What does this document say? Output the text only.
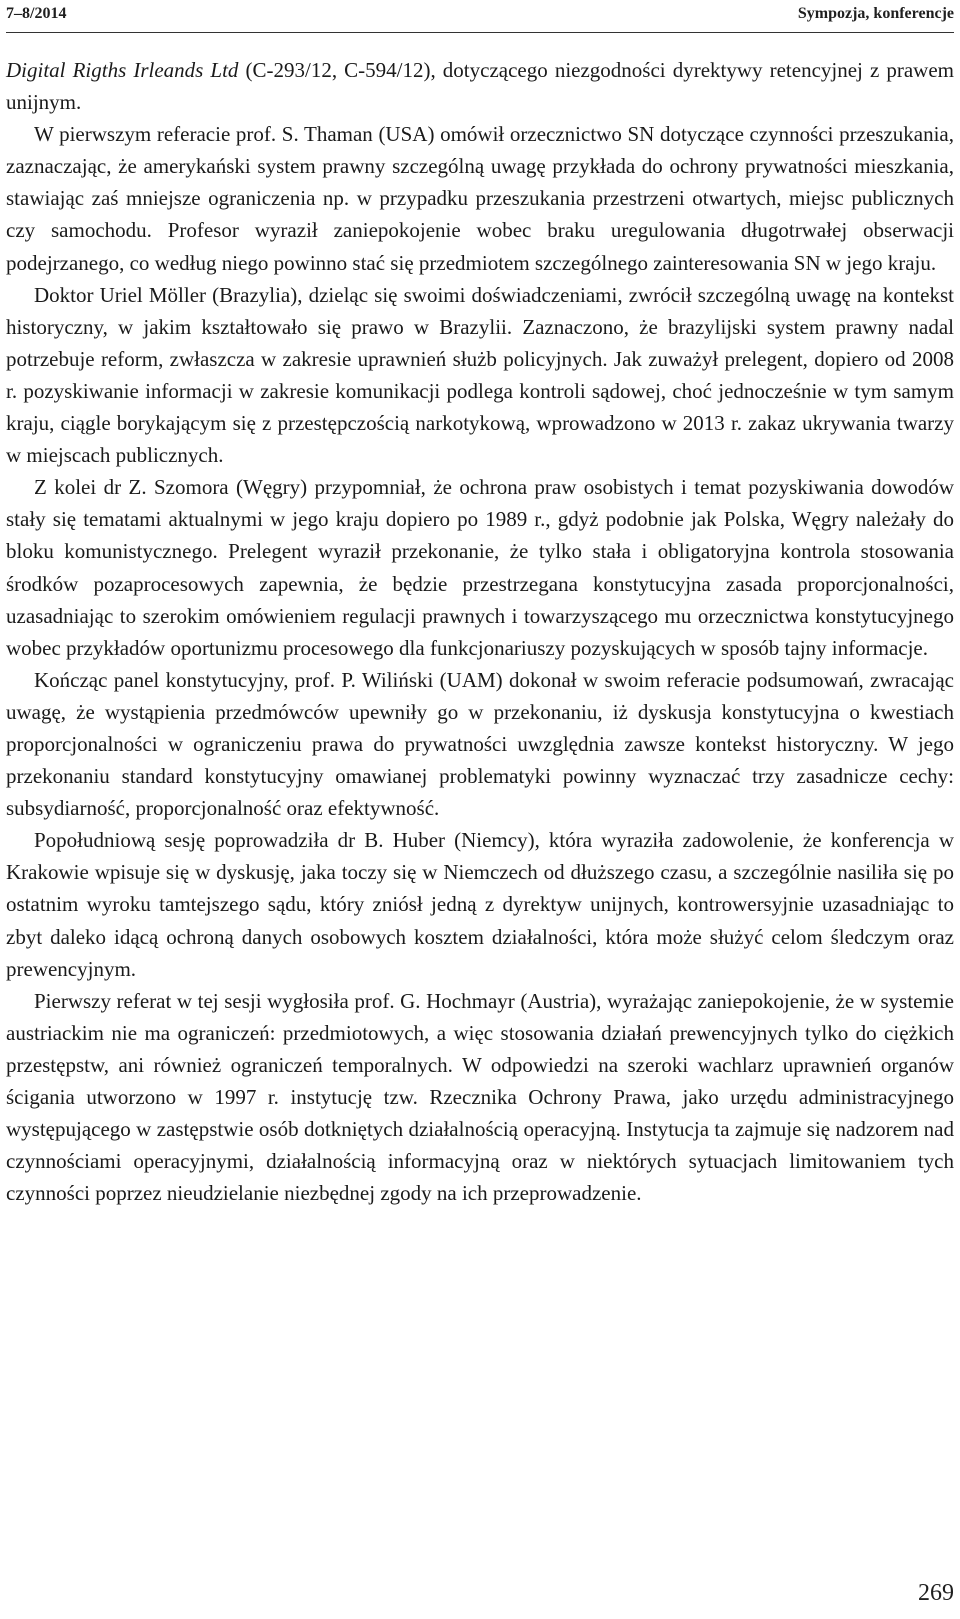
7–8/2014	Sympozja, konferencje

Digital Rigths Irleands Ltd (C-293/12, C-594/12), dotyczącego niezgodności dyrektywy retencyjnej z prawem unijnym.

W pierwszym referacie prof. S. Thaman (USA) omówił orzecznictwo SN dotyczące czynności przeszukania, zaznaczając, że amerykański system prawny szczególną uwagę przykłada do ochrony prywatności mieszkania, stawiając zaś mniejsze ograniczenia np. w przypadku przeszukania przestrzeni otwartych, miejsc publicznych czy samochodu. Profesor wyraził zaniepokojenie wobec braku uregulowania długotrwałej obserwacji podejrzanego, co według niego powinno stać się przedmiotem szczególnego zainteresowania SN w jego kraju.

Doktor Uriel Möller (Brazylia), dzieląc się swoimi doświadczeniami, zwrócił szczególną uwagę na kontekst historyczny, w jakim kształtowało się prawo w Brazylii. Zaznaczono, że brazylijski system prawny nadal potrzebuje reform, zwłaszcza w zakresie uprawnień służb policyjnych. Jak zuważył prelegent, dopiero od 2008 r. pozyskiwanie informacji w zakresie komunikacji podlega kontroli sądowej, choć jednocześnie w tym samym kraju, ciągle borykającym się z przestępczością narkotykową, wprowadzono w 2013 r. zakaz ukrywania twarzy w miejscach publicznych.

Z kolei dr Z. Szomora (Węgry) przypomniał, że ochrona praw osobistych i temat pozyskiwania dowodów stały się tematami aktualnymi w jego kraju dopiero po 1989 r., gdyż podobnie jak Polska, Węgry należały do bloku komunistycznego. Prelegent wyraził przekonanie, że tylko stała i obligatoryjna kontrola stosowania środków pozaprocesowych zapewnia, że będzie przestrzegana konstytucyjna zasada proporcjonalności, uzasadniając to szerokim omówieniem regulacji prawnych i towarzyszącego mu orzecznictwa konstytucyjnego wobec przykładów oportunizmu procesowego dla funkcjonariuszy pozyskujących w sposób tajny informacje.

Kończąc panel konstytucyjny, prof. P. Wiliński (UAM) dokonał w swoim referacie podsumowań, zwracając uwagę, że wystąpienia przedmówców upewniły go w przekonaniu, iż dyskusja konstytucyjna o kwestiach proporcjonalności w ograniczeniu prawa do prywatności uwzględnia zawsze kontekst historyczny. W jego przekonaniu standard konstytucyjny omawianej problematyki powinny wyznaczać trzy zasadnicze cechy: subsydiarność, proporcjonalność oraz efektywność.

Popołudniową sesję poprowadziła dr B. Huber (Niemcy), która wyraziła zadowolenie, że konferencja w Krakowie wpisuje się w dyskusję, jaka toczy się w Niemczech od dłuższego czasu, a szczególnie nasiliła się po ostatnim wyroku tamtejszego sądu, który zniósł jedną z dyrektyw unijnych, kontrowersyjnie uzasadniając to zbyt daleko idącą ochroną danych osobowych kosztem działalności, która może służyć celom śledczym oraz prewencyjnym.

Pierwszy referat w tej sesji wygłosiła prof. G. Hochmayr (Austria), wyrażając zaniepokojenie, że w systemie austriackim nie ma ograniczeń: przedmiotowych, a więc stosowania działań prewencyjnych tylko do ciężkich przestępstw, ani również ograniczeń temporalnych. W odpowiedzi na szeroki wachlarz uprawnień organów ścigania utworzono w 1997 r. instytucję tzw. Rzecznika Ochrony Prawa, jako urzędu administracyjnego występującego w zastępstwie osób dotkniętych działalnością operacyjną. Instytucja ta zajmuje się nadzorem nad czynnościami operacyjnymi, działalnością informacyjną oraz w niektórych sytuacjach limitowaniem tych czynności poprzez nieudzielanie niezbędnej zgody na ich przeprowadzenie.

269
